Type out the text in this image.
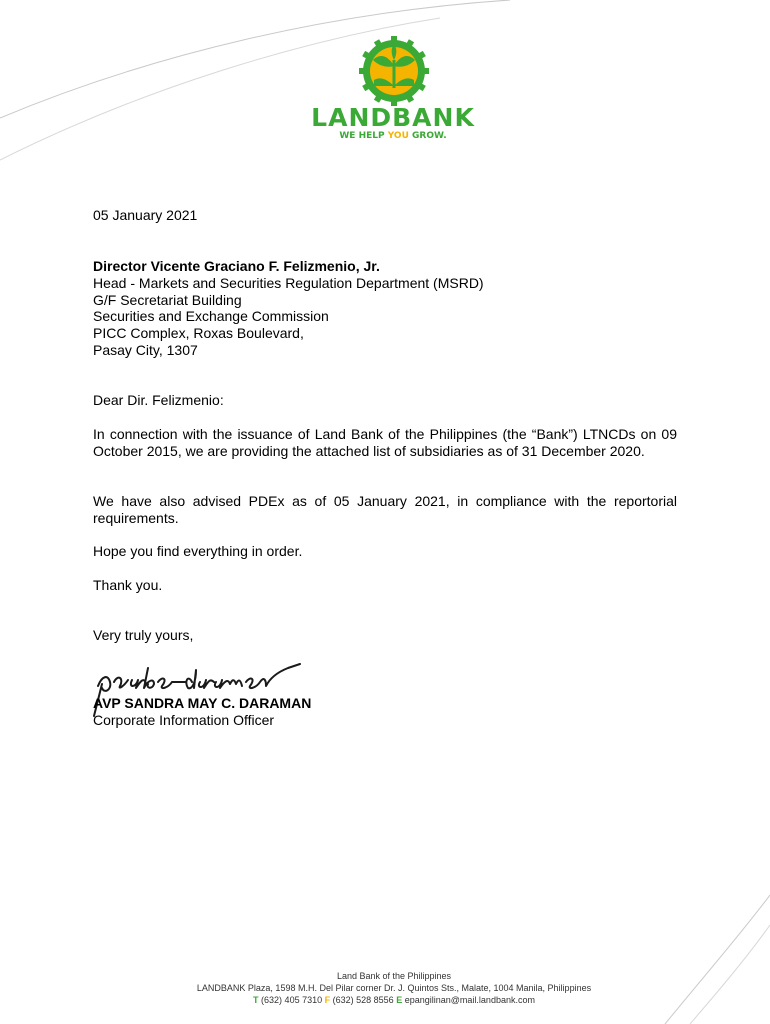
LANDBANK
WE HELP YOU GROW.
05 January 2021
Director Vicente Graciano F. Felizmenio, Jr.
Head - Markets and Securities Regulation Department (MSRD)
G/F Secretariat Building
Securities and Exchange Commission
PICC Complex, Roxas Boulevard,
Pasay City, 1307
Dear Dir. Felizmenio:
In connection with the issuance of Land Bank of the Philippines (the “Bank”) LTNCDs on 09 October 2015, we are providing the attached list of subsidiaries as of 31 December 2020.
We have also advised PDEx as of 05 January 2021, in compliance with the reportorial requirements.
Hope you find everything in order.
Thank you.
Very truly yours,
AVP SANDRA MAY C. DARAMAN
Corporate Information Officer
Land Bank of the Philippines
LANDBANK Plaza, 1598 M.H. Del Pilar corner Dr. J. Quintos Sts., Malate, 1004 Manila, Philippines
T (632) 405 7310 F (632) 528 8556 E epangilinan@mail.landbank.com
